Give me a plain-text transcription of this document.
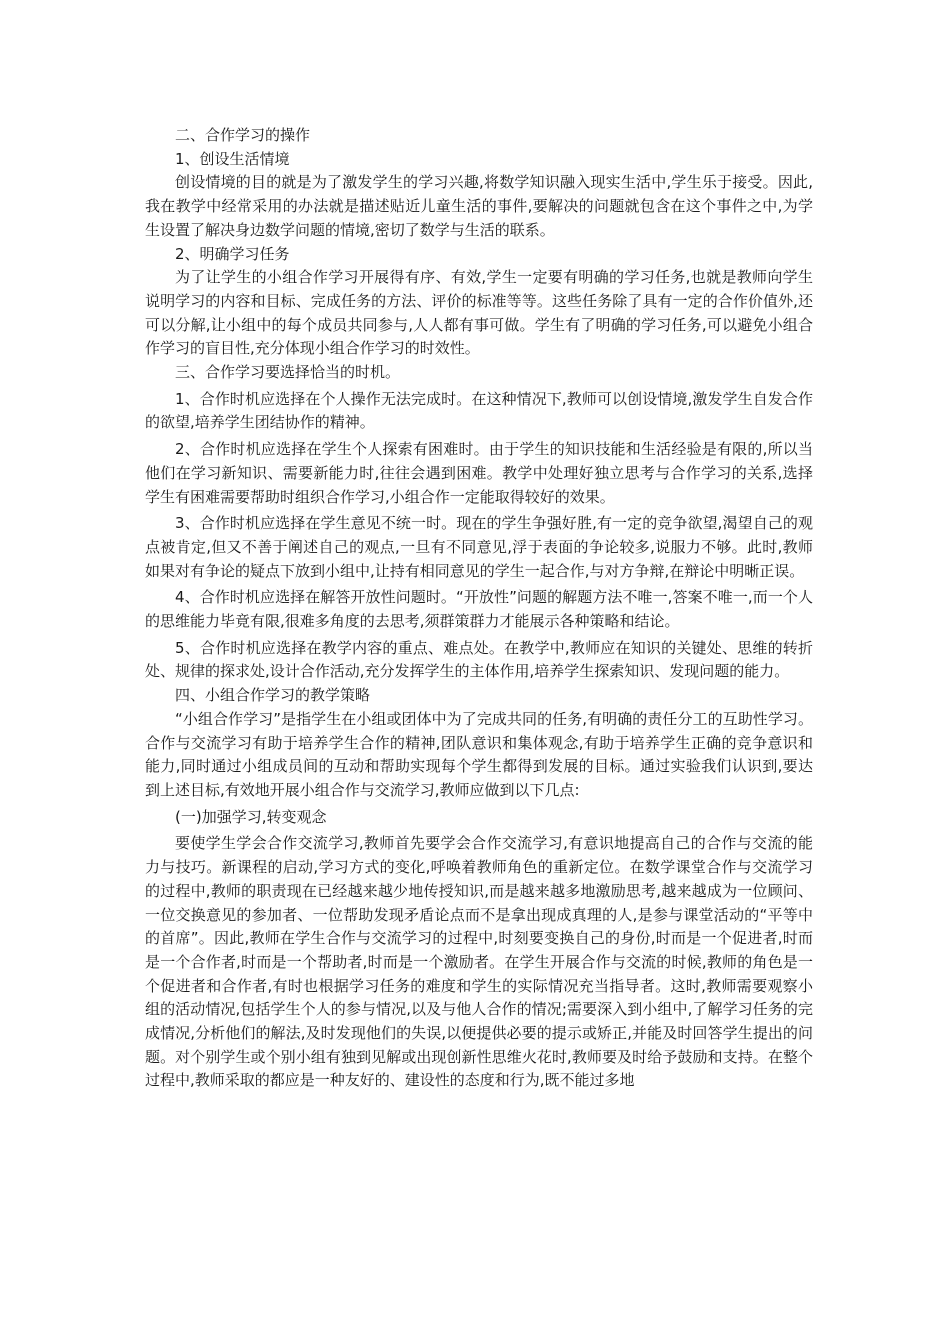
二、合作学习的操作

1、创设生活情境

创设情境的目的就是为了激发学生的学习兴趣,将数学知识融入现实生活中,学生乐于接受。因此,我在教学中经常采用的办法就是描述贴近儿童生活的事件,要解决的问题就包含在这个事件之中,为学生设置了解决身边数学问题的情境,密切了数学与生活的联系。

2、明确学习任务

为了让学生的小组合作学习开展得有序、有效,学生一定要有明确的学习任务,也就是教师向学生说明学习的内容和目标、完成任务的方法、评价的标准等等。这些任务除了具有一定的合作价值外,还可以分解,让小组中的每个成员共同参与,人人都有事可做。学生有了明确的学习任务,可以避免小组合作学习的盲目性,充分体现小组合作学习的时效性。

三、合作学习要选择恰当的时机。

1、合作时机应选择在个人操作无法完成时。在这种情况下,教师可以创设情境,激发学生自发合作的欲望,培养学生团结协作的精神。

2、合作时机应选择在学生个人探索有困难时。由于学生的知识技能和生活经验是有限的,所以当他们在学习新知识、需要新能力时,往往会遇到困难。教学中处理好独立思考与合作学习的关系,选择学生有困难需要帮助时组织合作学习,小组合作一定能取得较好的效果。

3、合作时机应选择在学生意见不统一时。现在的学生争强好胜,有一定的竞争欲望,渴望自己的观点被肯定,但又不善于阐述自己的观点,一旦有不同意见,浮于表面的争论较多,说服力不够。此时,教师如果对有争论的疑点下放到小组中,让持有相同意见的学生一起合作,与对方争辩,在辩论中明晰正误。

4、合作时机应选择在解答开放性问题时。“开放性”问题的解题方法不唯一,答案不唯一,而一个人的思维能力毕竟有限,很难多角度的去思考,须群策群力才能展示各种策略和结论。

5、合作时机应选择在教学内容的重点、难点处。在教学中,教师应在知识的关键处、思维的转折处、规律的探求处,设计合作活动,充分发挥学生的主体作用,培养学生探索知识、发现问题的能力。

四、小组合作学习的教学策略

“小组合作学习”是指学生在小组或团体中为了完成共同的任务,有明确的责任分工的互助性学习。合作与交流学习有助于培养学生合作的精神,团队意识和集体观念,有助于培养学生正确的竞争意识和能力,同时通过小组成员间的互动和帮助实现每个学生都得到发展的目标。通过实验我们认识到,要达到上述目标,有效地开展小组合作与交流学习,教师应做到以下几点:

(一)加强学习,转变观念

要使学生学会合作交流学习,教师首先要学会合作交流学习,有意识地提高自己的合作与交流的能力与技巧。新课程的启动,学习方式的变化,呼唤着教师角色的重新定位。在数学课堂合作与交流学习的过程中,教师的职责现在已经越来越少地传授知识,而是越来越多地激励思考,越来越成为一位顾问、一位交换意见的参加者、一位帮助发现矛盾论点而不是拿出现成真理的人,是参与课堂活动的“平等中的首席”。因此,教师在学生合作与交流学习的过程中,时刻要变换自己的身份,时而是一个促进者,时而是一个合作者,时而是一个帮助者,时而是一个激励者。在学生开展合作与交流的时候,教师的角色是一个促进者和合作者,有时也根据学习任务的难度和学生的实际情况充当指导者。这时,教师需要观察小组的活动情况,包括学生个人的参与情况,以及与他人合作的情况;需要深入到小组中,了解学习任务的完成情况,分析他们的解法,及时发现他们的失误,以便提供必要的提示或矫正,并能及时回答学生提出的问题。对个别学生或个别小组有独到见解或出现创新性思维火花时,教师要及时给予鼓励和支持。在整个过程中,教师采取的都应是一种友好的、建设性的态度和行为,既不能过多地
